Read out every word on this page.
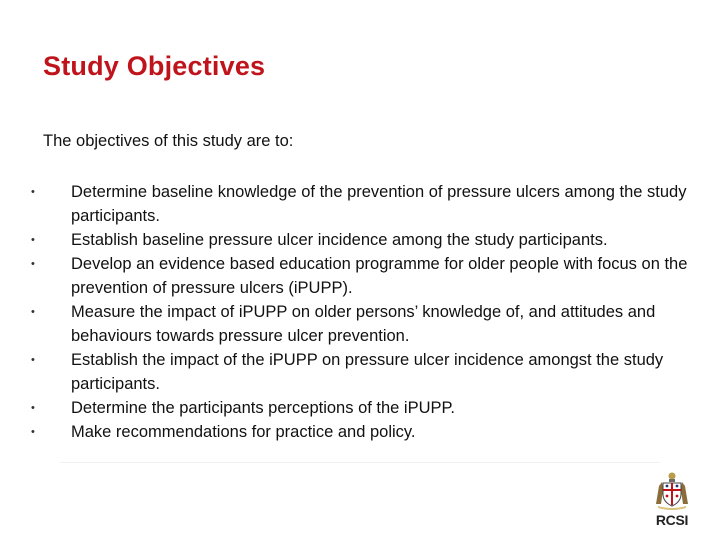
Study Objectives

The objectives of this study are to:

• Determine baseline knowledge of the prevention of pressure ulcers among the study participants.
• Establish baseline pressure ulcer incidence among the study participants.
• Develop an evidence based education programme for older people with focus on the prevention of pressure ulcers (iPUPP).
• Measure the impact of iPUPP on older persons’ knowledge of, and attitudes and behaviours towards pressure ulcer prevention.
• Establish the impact of the iPUPP on pressure ulcer incidence amongst the study participants.
• Determine the participants perceptions of the iPUPP.
• Make recommendations for practice and policy.
RCSI
